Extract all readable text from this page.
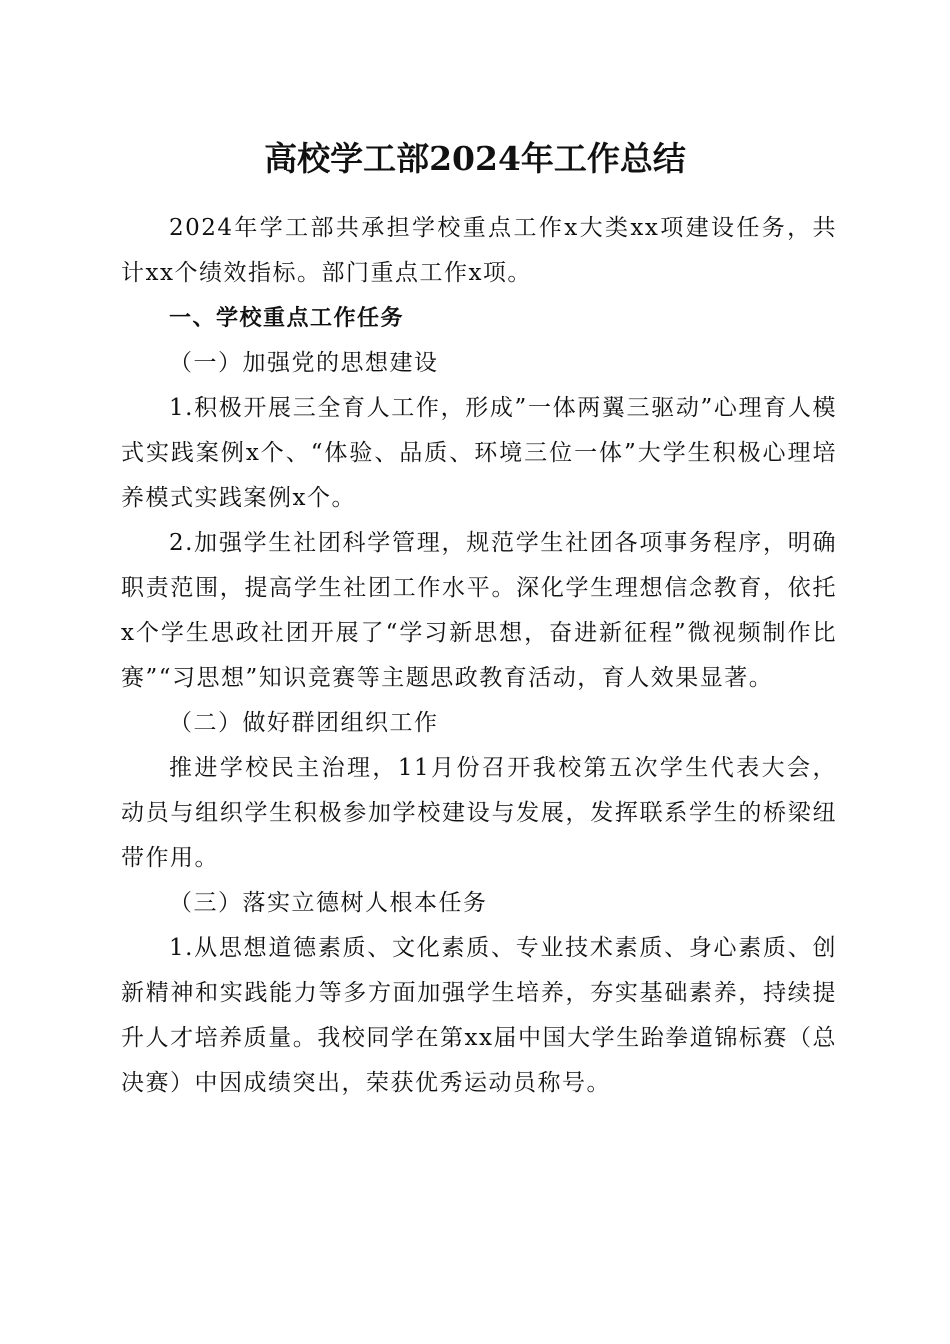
高校学工部2024年工作总结

2024年学工部共承担学校重点工作x大类xx项建设任务，共计xx个绩效指标。部门重点工作x项。

一、学校重点工作任务

（一）加强党的思想建设

1.积极开展三全育人工作，形成”一体两翼三驱动”心理育人模式实践案例x个、“体验、品质、环境三位一体”大学生积极心理培养模式实践案例x个。

2.加强学生社团科学管理，规范学生社团各项事务程序，明确职责范围，提高学生社团工作水平。深化学生理想信念教育，依托x个学生思政社团开展了“学习新思想，奋进新征程”微视频制作比赛”“习思想”知识竞赛等主题思政教育活动，育人效果显著。

（二）做好群团组织工作

推进学校民主治理，11月份召开我校第五次学生代表大会，动员与组织学生积极参加学校建设与发展，发挥联系学生的桥梁纽带作用。

（三）落实立德树人根本任务

1.从思想道德素质、文化素质、专业技术素质、身心素质、创新精神和实践能力等多方面加强学生培养，夯实基础素养，持续提升人才培养质量。我校同学在第xx届中国大学生跆拳道锦标赛（总决赛）中因成绩突出，荣获优秀运动员称号。
